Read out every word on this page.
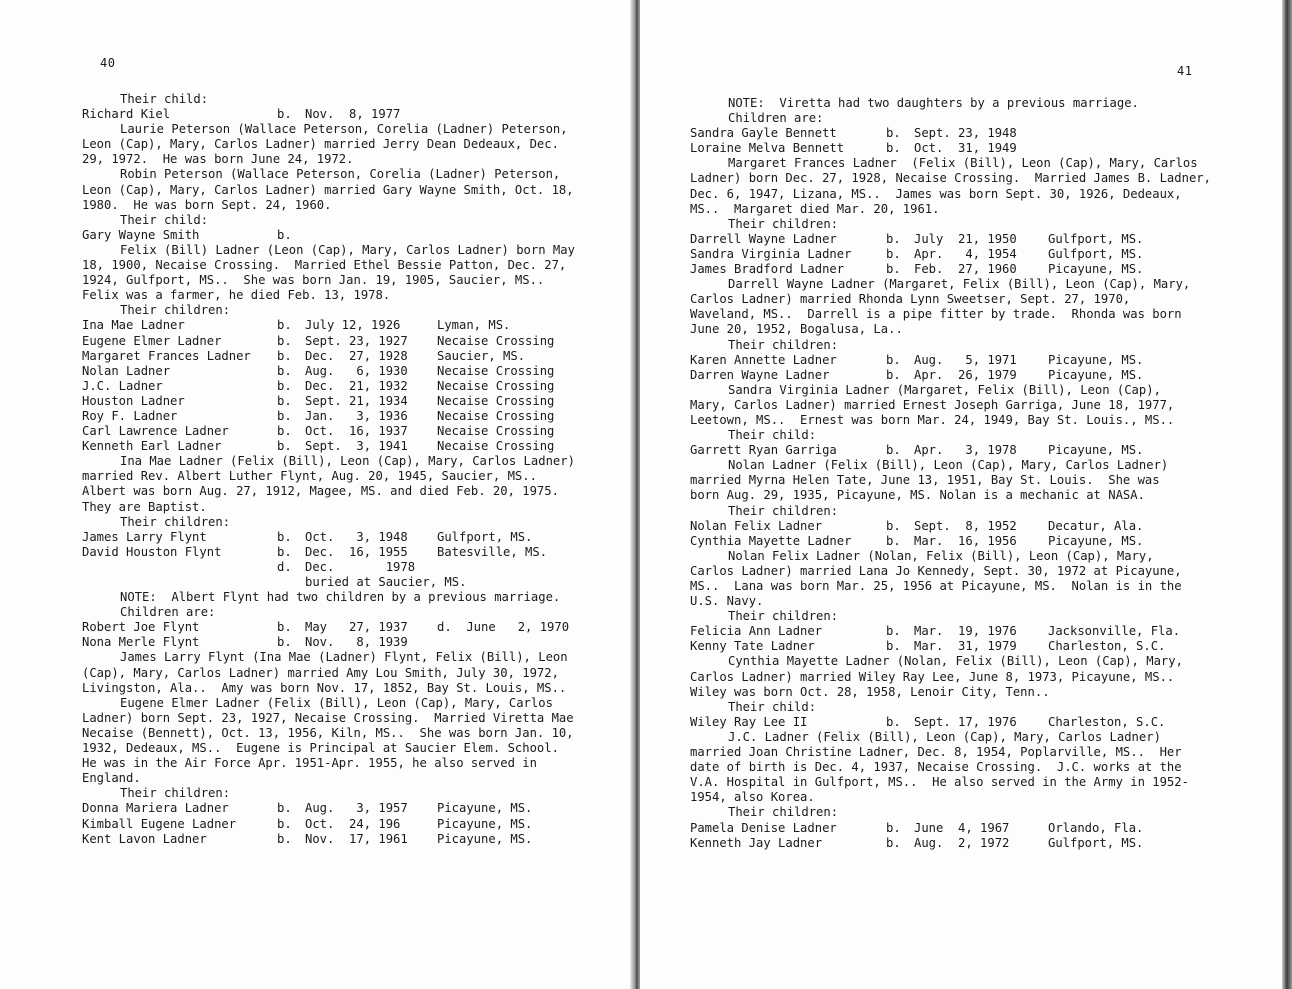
40
Their child:
Richard Kiel	b.	Nov.  8, 1977
Laurie Peterson (Wallace Peterson, Corelia (Ladner) Peterson,
Leon (Cap), Mary, Carlos Ladner) married Jerry Dean Dedeaux, Dec.
29, 1972.  He was born June 24, 1972.
Robin Peterson (Wallace Peterson, Corelia (Ladner) Peterson,
Leon (Cap), Mary, Carlos Ladner) married Gary Wayne Smith, Oct. 18,
1980.  He was born Sept. 24, 1960.
Their child:
Gary Wayne Smith	b.
Felix (Bill) Ladner (Leon (Cap), Mary, Carlos Ladner) born May
18, 1900, Necaise Crossing.  Married Ethel Bessie Patton, Dec. 27,
1924, Gulfport, MS..  She was born Jan. 19, 1905, Saucier, MS..
Felix was a farmer, he died Feb. 13, 1978.
Their children:
Ina Mae Ladner	b.	July 12, 1926	Lyman, MS.
Eugene Elmer Ladner	b.	Sept. 23, 1927	Necaise Crossing
Margaret Frances Ladner	b.	Dec.  27, 1928	Saucier, MS.
Nolan Ladner	b.	Aug.   6, 1930	Necaise Crossing
J.C. Ladner	b.	Dec.  21, 1932	Necaise Crossing
Houston Ladner	b.	Sept. 21, 1934	Necaise Crossing
Roy F. Ladner	b.	Jan.   3, 1936	Necaise Crossing
Carl Lawrence Ladner	b.	Oct.  16, 1937	Necaise Crossing
Kenneth Earl Ladner	b.	Sept.  3, 1941	Necaise Crossing
Ina Mae Ladner (Felix (Bill), Leon (Cap), Mary, Carlos Ladner)
married Rev. Albert Luther Flynt, Aug. 20, 1945, Saucier, MS..
Albert was born Aug. 27, 1912, Magee, MS. and died Feb. 20, 1975.
They are Baptist.
Their children:
James Larry Flynt	b.	Oct.   3, 1948	Gulfport, MS.
David Houston Flynt	b.	Dec.  16, 1955	Batesville, MS.
d.	Dec.       1978
buried at Saucier, MS.
NOTE:  Albert Flynt had two children by a previous marriage.
Children are:
Robert Joe Flynt	b.	May   27, 1937	d.  June   2, 1970
Nona Merle Flynt	b.	Nov.   8, 1939
James Larry Flynt (Ina Mae (Ladner) Flynt, Felix (Bill), Leon
(Cap), Mary, Carlos Ladner) married Amy Lou Smith, July 30, 1972,
Livingston, Ala..  Amy was born Nov. 17, 1852, Bay St. Louis, MS..
Eugene Elmer Ladner (Felix (Bill), Leon (Cap), Mary, Carlos
Ladner) born Sept. 23, 1927, Necaise Crossing.  Married Viretta Mae
Necaise (Bennett), Oct. 13, 1956, Kiln, MS..  She was born Jan. 10,
1932, Dedeaux, MS..  Eugene is Principal at Saucier Elem. School.
He was in the Air Force Apr. 1951-Apr. 1955, he also served in
England.
Their children:
Donna Mariera Ladner	b.	Aug.   3, 1957	Picayune, MS.
Kimball Eugene Ladner	b.	Oct.  24, 196	Picayune, MS.
Kent Lavon Ladner	b.	Nov.  17, 1961	Picayune, MS.
41
NOTE:  Viretta had two daughters by a previous marriage.
Children are:
Sandra Gayle Bennett	b.	Sept. 23, 1948
Loraine Melva Bennett	b.	Oct.  31, 1949
Margaret Frances Ladner  (Felix (Bill), Leon (Cap), Mary, Carlos
Ladner) born Dec. 27, 1928, Necaise Crossing.  Married James B. Ladner,
Dec. 6, 1947, Lizana, MS..  James was born Sept. 30, 1926, Dedeaux,
MS..  Margaret died Mar. 20, 1961.
Their children:
Darrell Wayne Ladner	b.	July  21, 1950	Gulfport, MS.
Sandra Virginia Ladner	b.	Apr.   4, 1954	Gulfport, MS.
James Bradford Ladner	b.	Feb.  27, 1960	Picayune, MS.
Darrell Wayne Ladner (Margaret, Felix (Bill), Leon (Cap), Mary,
Carlos Ladner) married Rhonda Lynn Sweetser, Sept. 27, 1970,
Waveland, MS..  Darrell is a pipe fitter by trade.  Rhonda was born
June 20, 1952, Bogalusa, La..
Their children:
Karen Annette Ladner	b.	Aug.   5, 1971	Picayune, MS.
Darren Wayne Ladner	b.	Apr.  26, 1979	Picayune, MS.
Sandra Virginia Ladner (Margaret, Felix (Bill), Leon (Cap),
Mary, Carlos Ladner) married Ernest Joseph Garriga, June 18, 1977,
Leetown, MS..  Ernest was born Mar. 24, 1949, Bay St. Louis., MS..
Their child:
Garrett Ryan Garriga	b.	Apr.   3, 1978	Picayune, MS.
Nolan Ladner (Felix (Bill), Leon (Cap), Mary, Carlos Ladner)
married Myrna Helen Tate, June 13, 1951, Bay St. Louis.  She was
born Aug. 29, 1935, Picayune, MS. Nolan is a mechanic at NASA.
Their children:
Nolan Felix Ladner	b.	Sept.  8, 1952	Decatur, Ala.
Cynthia Mayette Ladner	b.	Mar.  16, 1956	Picayune, MS.
Nolan Felix Ladner (Nolan, Felix (Bill), Leon (Cap), Mary,
Carlos Ladner) married Lana Jo Kennedy, Sept. 30, 1972 at Picayune,
MS..  Lana was born Mar. 25, 1956 at Picayune, MS.  Nolan is in the
U.S. Navy.
Their children:
Felicia Ann Ladner	b.	Mar.  19, 1976	Jacksonville, Fla.
Kenny Tate Ladner	b.	Mar.  31, 1979	Charleston, S.C.
Cynthia Mayette Ladner (Nolan, Felix (Bill), Leon (Cap), Mary,
Carlos Ladner) married Wiley Ray Lee, June 8, 1973, Picayune, MS..
Wiley was born Oct. 28, 1958, Lenoir City, Tenn..
Their child:
Wiley Ray Lee II	b.	Sept. 17, 1976	Charleston, S.C.
J.C. Ladner (Felix (Bill), Leon (Cap), Mary, Carlos Ladner)
married Joan Christine Ladner, Dec. 8, 1954, Poplarville, MS..  Her
date of birth is Dec. 4, 1937, Necaise Crossing.  J.C. works at the
V.A. Hospital in Gulfport, MS..  He also served in the Army in 1952-
1954, also Korea.
Their children:
Pamela Denise Ladner	b.	June  4, 1967	Orlando, Fla.
Kenneth Jay Ladner	b.	Aug.  2, 1972	Gulfport, MS.
